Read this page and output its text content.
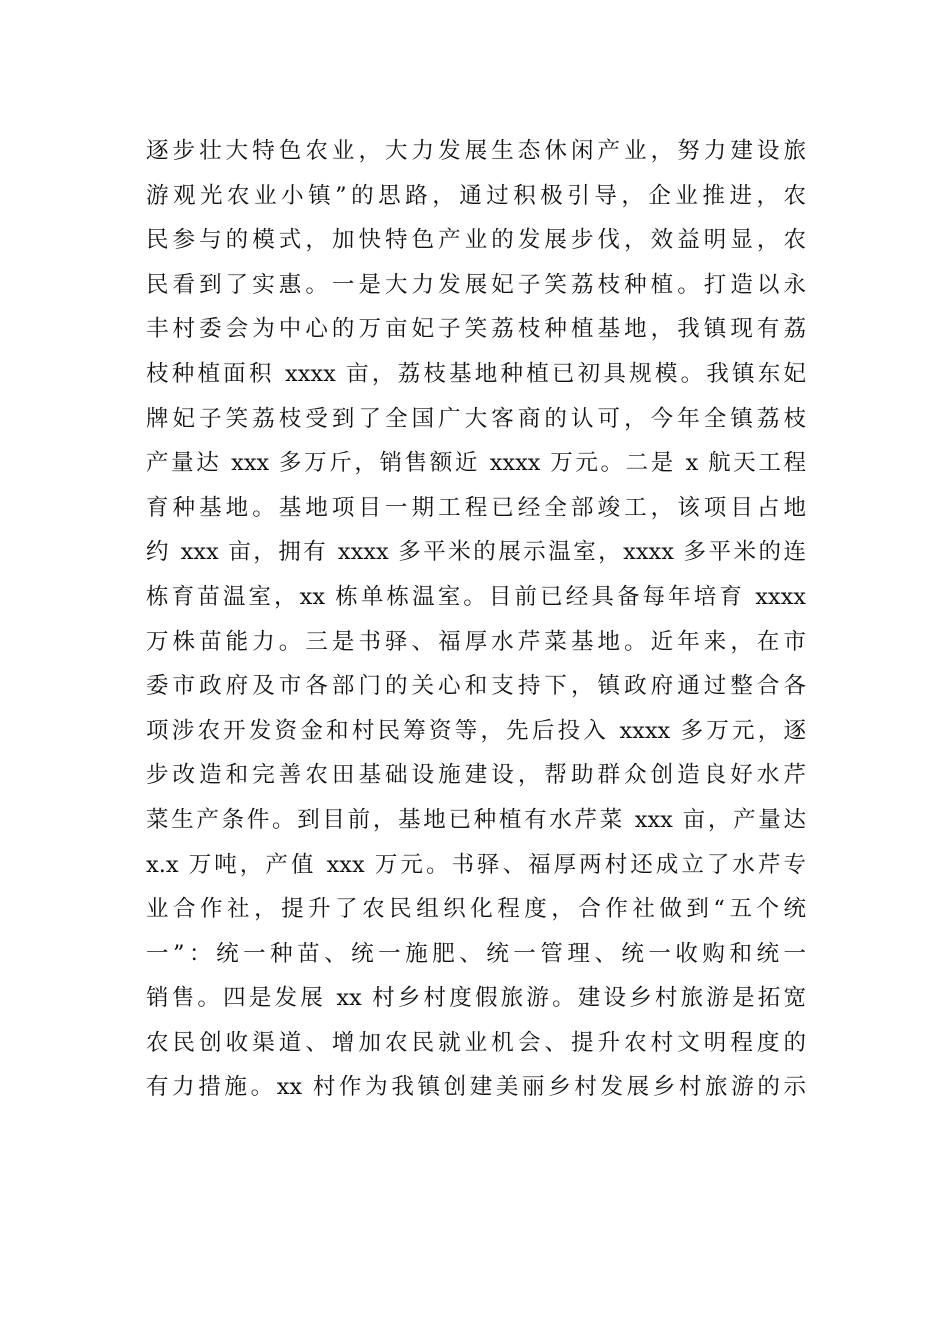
逐步壮大特色农业，大力发展生态休闲产业，努力建设旅
游观光农业小镇”的思路，通过积极引导，企业推进，农
民参与的模式，加快特色产业的发展步伐，效益明显，农
民看到了实惠。一是大力发展妃子笑荔枝种植。打造以永
丰村委会为中心的万亩妃子笑荔枝种植基地，我镇现有荔
枝种植面积 xxxx 亩，荔枝基地种植已初具规模。我镇东妃
牌妃子笑荔枝受到了全国广大客商的认可，今年全镇荔枝
产量达 xxx 多万斤，销售额近 xxxx 万元。二是 x 航天工程
育种基地。基地项目一期工程已经全部竣工，该项目占地
约 xxx 亩，拥有 xxxx 多平米的展示温室，xxxx 多平米的连
栋育苗温室，xx 栋单栋温室。目前已经具备每年培育 xxxx
万株苗能力。三是书驿、福厚水芹菜基地。近年来，在市
委市政府及市各部门的关心和支持下，镇政府通过整合各
项涉农开发资金和村民筹资等，先后投入 xxxx 多万元，逐
步改造和完善农田基础设施建设，帮助群众创造良好水芹
菜生产条件。到目前，基地已种植有水芹菜 xxx 亩，产量达
x.x 万吨，产值 xxx 万元。书驿、福厚两村还成立了水芹专
业合作社，提升了农民组织化程度，合作社做到“五个统
一”：统一种苗、统一施肥、统一管理、统一收购和统一
销售。四是发展 xx 村乡村度假旅游。建设乡村旅游是拓宽
农民创收渠道、增加农民就业机会、提升农村文明程度的
有力措施。xx 村作为我镇创建美丽乡村发展乡村旅游的示
